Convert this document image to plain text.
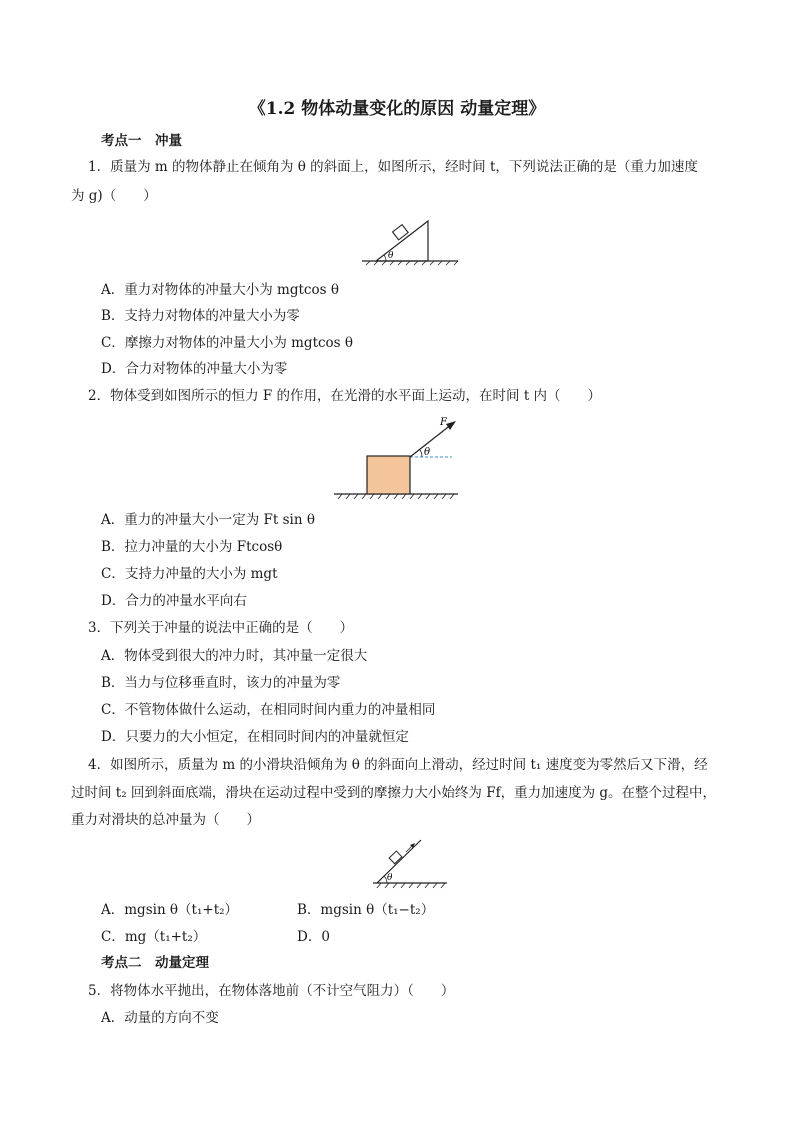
《1.2 物体动量变化的原因 动量定理》
考点一　冲量
1．质量为 m 的物体静止在倾角为 θ 的斜面上，如图所示，经时间 t，下列说法正确的是（重力加速度
为 g)（　　）
θ
A．重力对物体的冲量大小为 mgtcos θ
B．支持力对物体的冲量大小为零
C．摩擦力对物体的冲量大小为 mgtcos θ
D．合力对物体的冲量大小为零
2．物体受到如图所示的恒力 F 的作用，在光滑的水平面上运动，在时间 t 内（　　）
θ
F
A．重力的冲量大小一定为 Ft sin θ
B．拉力冲量的大小为 Ftcosθ
C．支持力冲量的大小为 mgt
D．合力的冲量水平向右
3．下列关于冲量的说法中正确的是（　　）
A．物体受到很大的冲力时，其冲量一定很大
B．当力与位移垂直时，该力的冲量为零
C．不管物体做什么运动，在相同时间内重力的冲量相同
D．只要力的大小恒定，在相同时间内的冲量就恒定
4．如图所示，质量为 m 的小滑块沿倾角为 θ 的斜面向上滑动，经过时间 t₁ 速度变为零然后又下滑，经
过时间 t₂ 回到斜面底端，滑块在运动过程中受到的摩擦力大小始终为 Ff，重力加速度为 g。在整个过程中，
重力对滑块的总冲量为（　　）
θ
A．mgsin θ（t₁+t₂）	B．mgsin θ（t₁−t₂）
C．mg（t₁+t₂）	D．0
考点二　动量定理
5．将物体水平抛出，在物体落地前（不计空气阻力）（　　）
A．动量的方向不变
